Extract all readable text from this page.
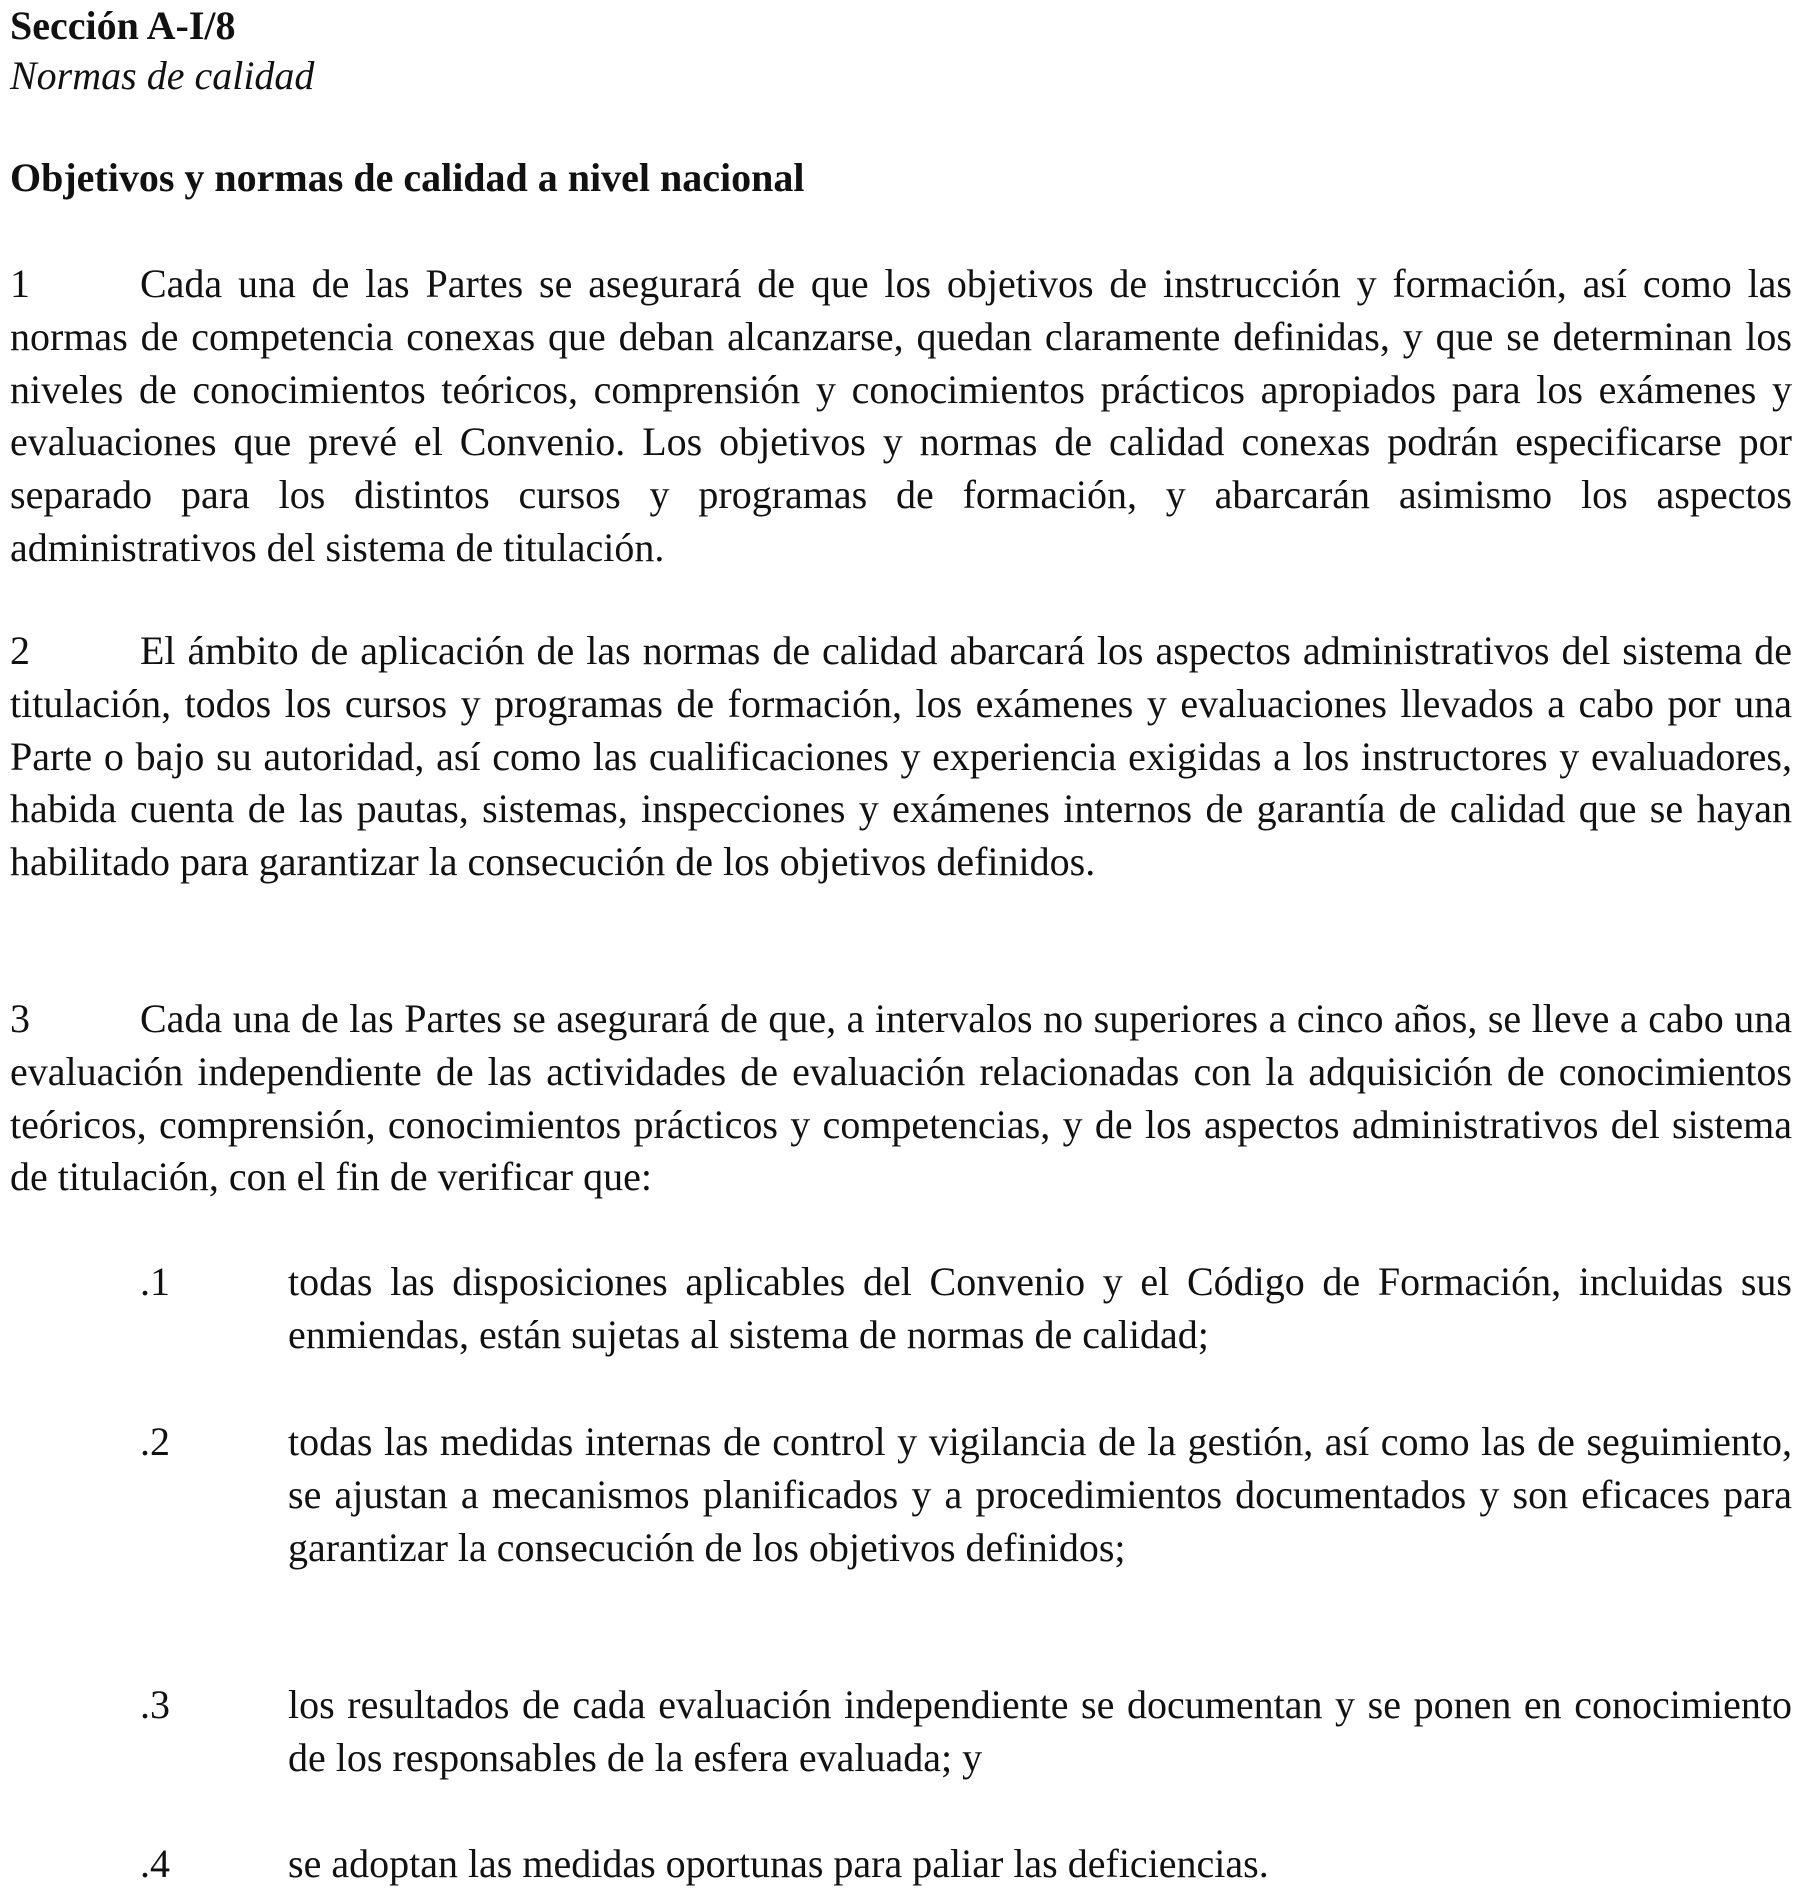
Sección A-I/8

Normas de calidad

Objetivos y normas de calidad a nivel nacional

1	Cada una de las Partes se asegurará de que los objetivos de instrucción y formación, así como las normas de competencia conexas que deban alcanzarse, quedan claramente definidas, y que se determinan los niveles de conocimientos teóricos, comprensión y conocimientos prácticos apropiados para los exámenes y evaluaciones que prevé el Convenio. Los objetivos y normas de calidad conexas podrán especificarse por separado para los distintos cursos y programas de formación, y abarcarán asimismo los aspectos administrativos del sistema de titulación.

2	El ámbito de aplicación de las normas de calidad abarcará los aspectos administrativos del sistema de titulación, todos los cursos y programas de formación, los exámenes y evaluaciones llevados a cabo por una Parte o bajo su autoridad, así como las cualificaciones y experiencia exigidas a los instructores y evaluadores, habida cuenta de las pautas, sistemas, inspecciones y exámenes internos de garantía de calidad que se hayan habilitado para garantizar la consecución de los objetivos definidos.

3	Cada una de las Partes se asegurará de que, a intervalos no superiores a cinco años, se lleve a cabo una evaluación independiente de las actividades de evaluación relacionadas con la adquisición de conocimientos teóricos, comprensión, conocimientos prácticos y competencias, y de los aspectos administrativos del sistema de titulación, con el fin de verificar que:

.1	todas las disposiciones aplicables del Convenio y el Código de Formación, incluidas sus enmiendas, están sujetas al sistema de normas de calidad;
.2	todas las medidas internas de control y vigilancia de la gestión, así como las de seguimiento, se ajustan a mecanismos planificados y a procedimientos documentados y son eficaces para garantizar la consecución de los objetivos definidos;
.3	los resultados de cada evaluación independiente se documentan y se ponen en conocimiento de los responsables de la esfera evaluada; y
.4	se adoptan las medidas oportunas para paliar las deficiencias.
